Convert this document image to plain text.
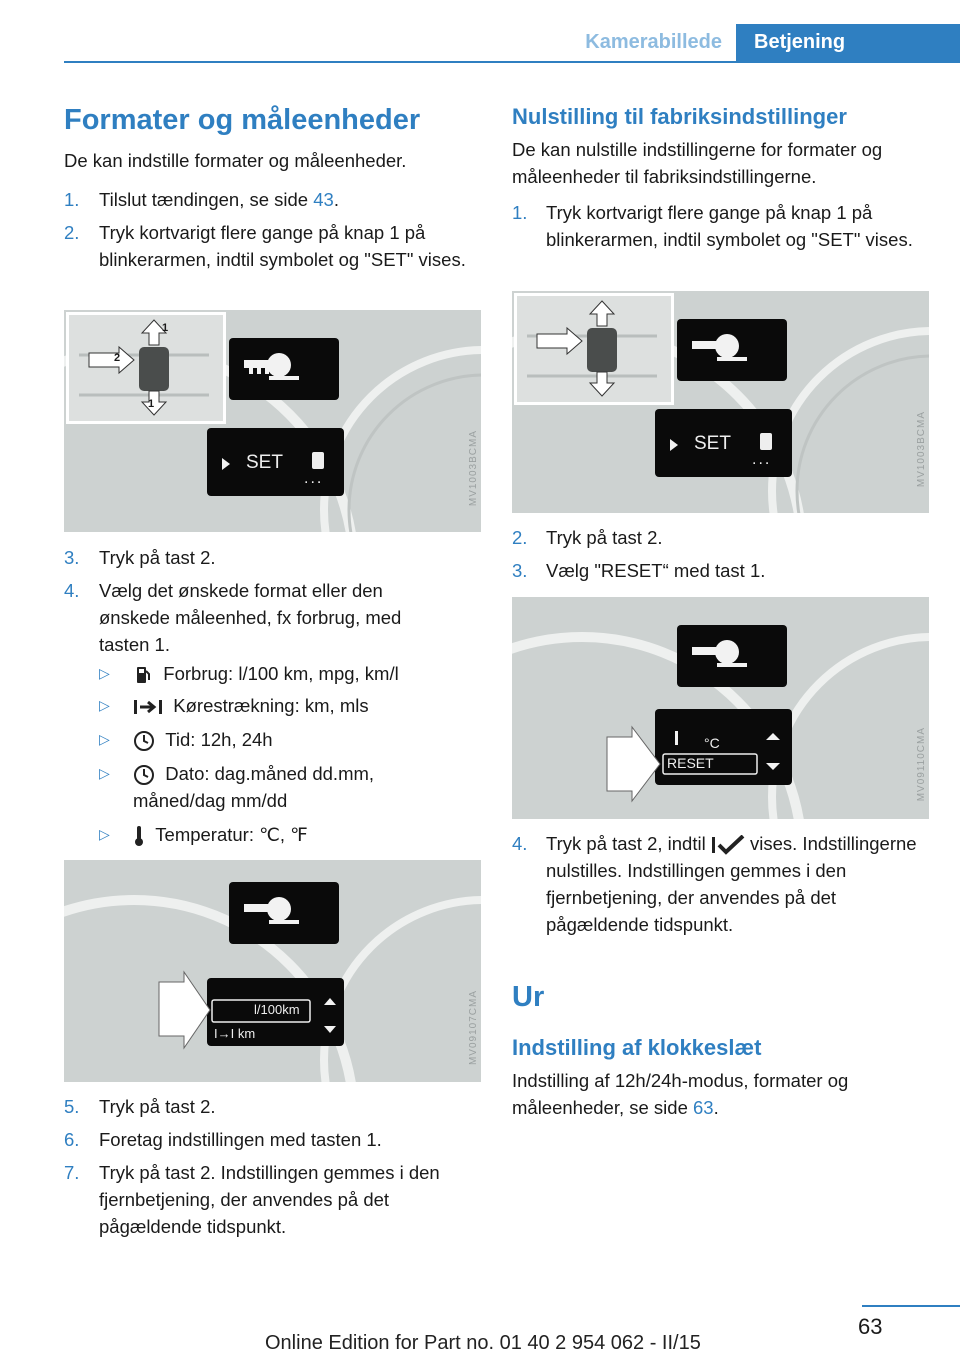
Kamerabillede	Betjening
Formater og måleenheder
De kan indstille formater og måleenheder.
1. Tilslut tændingen, se side 43.
2. Tryk kortvarigt flere gange på knap 1 på blinkerarmen, indtil symbolet og "SET" vises.
SET
...
1
1
2
MV1003BCMA
3. Tryk på tast 2.
4. Vælg det ønskede format eller den ønskede måleenhed, fx forbrug, med tasten 1.
▷	Forbrug: l/100 km, mpg, km/l
▷	Kørestrækning: km, mls
▷	Tid: 12h, 24h
▷	Dato: dag.måned dd.mm, måned/dag mm/dd
▷	Temperatur: ℃, ℉
l/100km
I→I km	MV09107CMA
5. Tryk på tast 2.
6. Foretag indstillingen med tasten 1.
7. Tryk på tast 2. Indstillingen gemmes i den fjernbetjening, der anvendes på det pågældende tidspunkt.
Nulstilling til fabriksindstillinger
De kan nulstille indstillingerne for formater og måleenheder til fabriksindstillingerne.
1. Tryk kortvarigt flere gange på knap 1 på blinkerarmen, indtil symbolet og "SET" vises.
SET
...	MV1003BCMA
2. Tryk på tast 2.
3. Vælg "RESET“ med tast 1.
°C
RESET	MV09110CMA
4. Tryk på tast 2, indtil  vises. Indstillingerne nulstilles. Indstillingen gemmes i den fjernbetjening, der anvendes på det pågældende tidspunkt.
Ur
Indstilling af klokkeslæt
Indstilling af 12h/24h-modus, formater og måleenheder, se side 63.
63
Online Edition for Part no. 01 40 2 954 062 - II/15
